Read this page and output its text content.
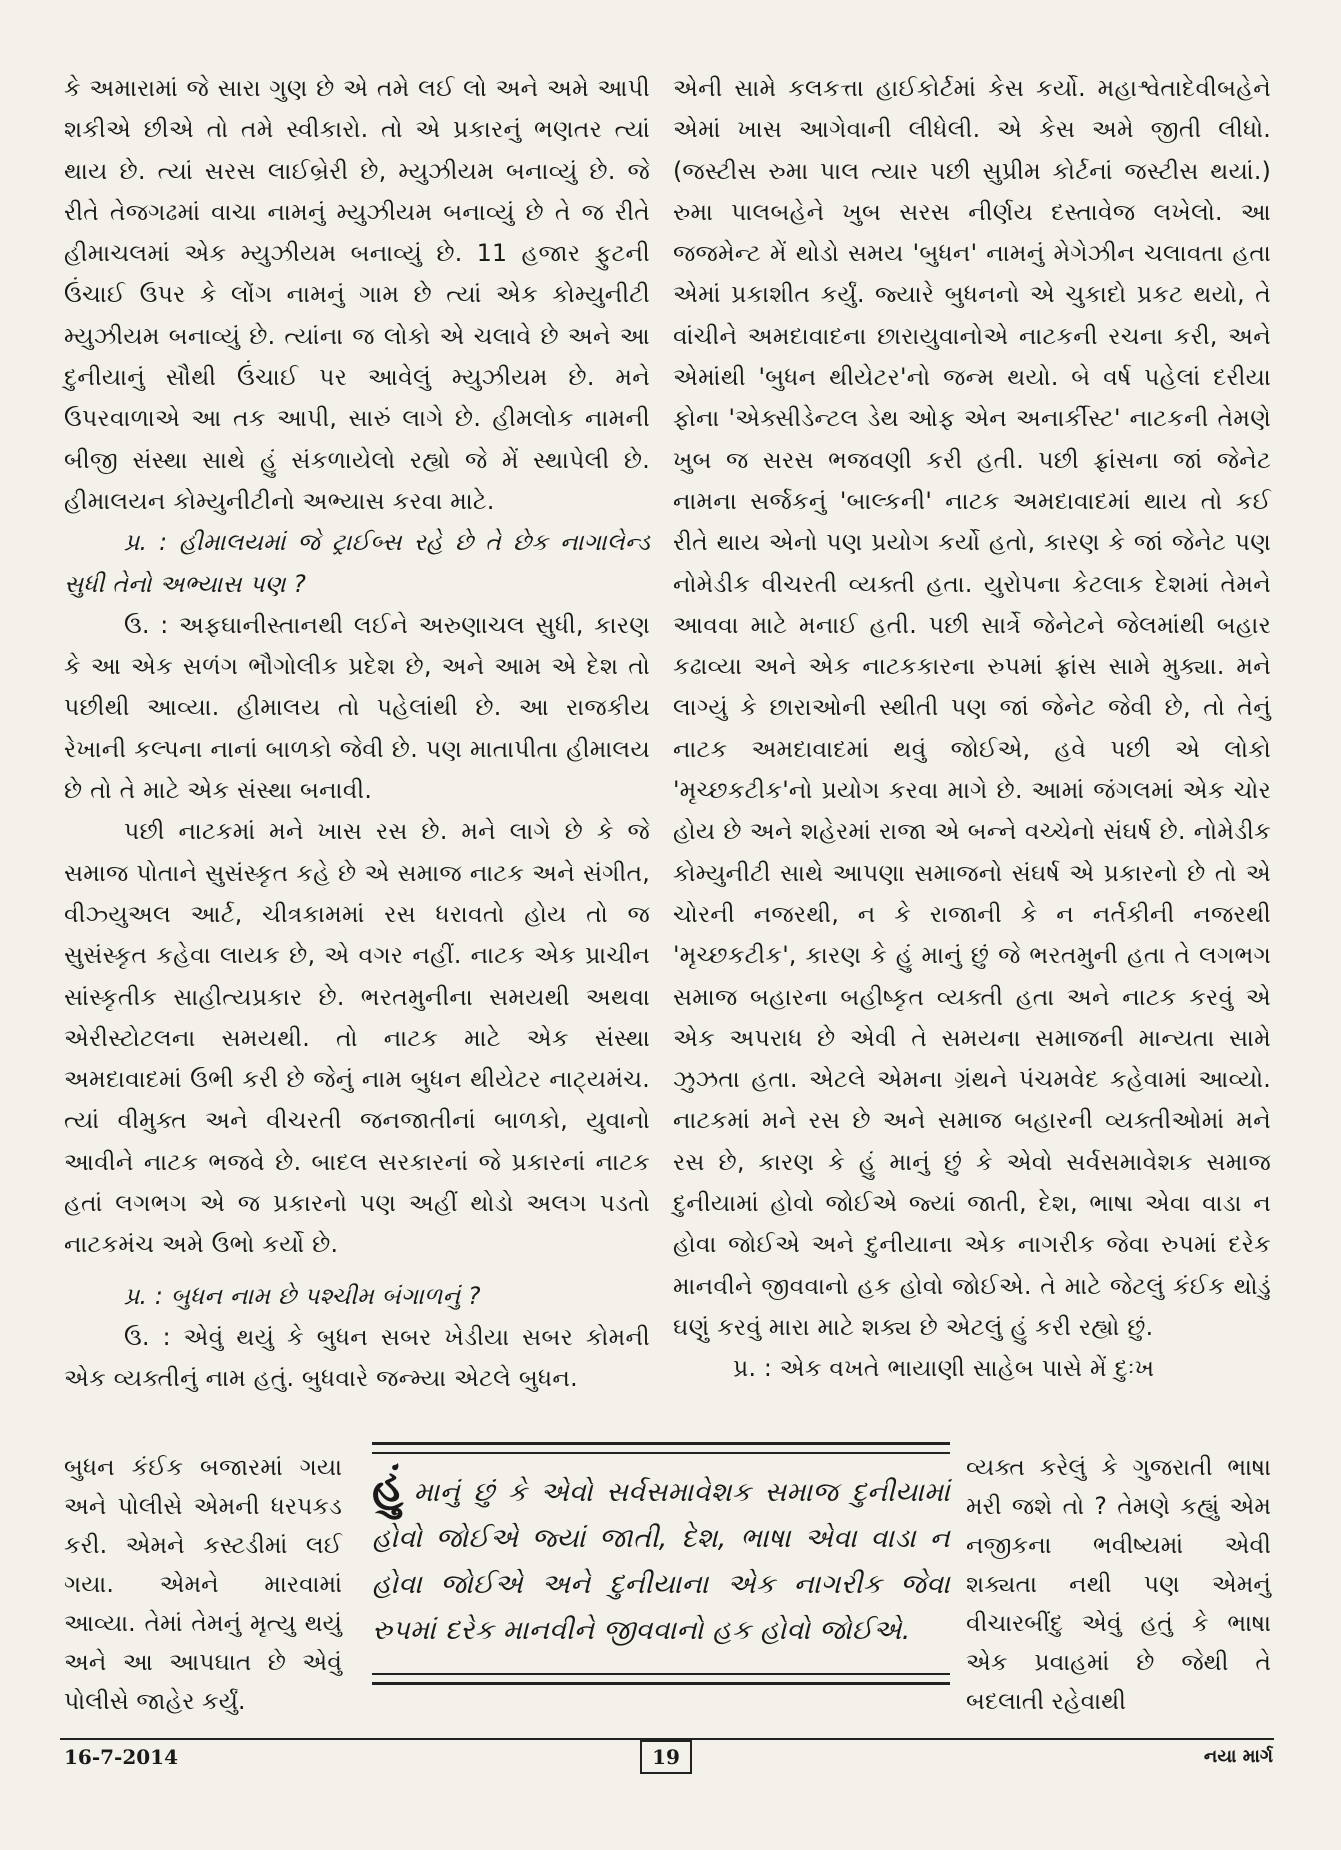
કે અમારામાં જે સારા ગુણ છે એ તમે લઈ લો અને અમે આપી શકીએ છીએ તો તમે સ્વીકારો. તો એ પ્રકારનું ભણતર ત્યાં થાય છે. ત્યાં સરસ લાઈબ્રેરી છે, મ્યુઝીયમ બનાવ્યું છે. જે રીતે તેજગઢમાં વાચા નામનું મ્યુઝીયમ બનાવ્યું છે તે જ રીતે હીમાચલમાં એક મ્યુઝીયમ બનાવ્યું છે. 11 હજાર ફુટની ઉંચાઈ ઉપર કે લોંગ નામનું ગામ છે ત્યાં એક કોમ્યુનીટી મ્યુઝીયમ બનાવ્યું છે. ત્યાંના જ લોકો એ ચલાવે છે અને આ દુનીયાનું સૌથી ઉંચાઈ પર આવેલું મ્યુઝીયમ છે. મને ઉપરવાળાએ આ તક આપી, સારું લાગે છે. હીમલોક નામની બીજી સંસ્થા સાથે હું સંકળાયેલો રહ્યો જે મેં સ્થાપેલી છે. હીમાલયન કોમ્યુનીટીનો અભ્યાસ કરવા માટે.

પ્ર. : હીમાલયમાં જે ટ્રાઈબ્સ રહે છે તે છેક નાગાલેન્ડ સુધી તેનો અભ્યાસ પણ ?

ઉ. : અફઘાનીસ્તાનથી લઈને અરુણાચલ સુધી, કારણ કે આ એક સળંગ ભૌગોલીક પ્રદેશ છે, અને આમ એ દેશ તો પછીથી આવ્યા. હીમાલય તો પહેલાંથી છે. આ રાજકીય રેખાની કલ્પના નાનાં બાળકો જેવી છે. પણ માતાપીતા હીમાલય છે તો તે માટે એક સંસ્થા બનાવી.

પછી નાટકમાં મને ખાસ રસ છે. મને લાગે છે કે જે સમાજ પોતાને સુસંસ્કૃત કહે છે એ સમાજ નાટક અને સંગીત, વીઝ્યુઅલ આર્ટ, ચીત્રકામમાં રસ ધરાવતો હોય તો જ સુસંસ્કૃત કહેવા લાયક છે, એ વગર નહીં. નાટક એક પ્રાચીન સાંસ્કૃતીક સાહીત્યપ્રકાર છે. ભરતમુનીના સમયથી અથવા એરીસ્ટોટલના સમયથી. તો નાટક માટે એક સંસ્થા અમદાવાદમાં ઉભી કરી છે જેનું નામ બુધન થીયેટર નાટ્યમંચ. ત્યાં વીમુક્ત અને વીચરતી જનજાતીનાં બાળકો, યુવાનો આવીને નાટક ભજવે છે. બાદલ સરકારનાં જે પ્રકારનાં નાટક હતાં લગભગ એ જ પ્રકારનો પણ અહીં થોડો અલગ પડતો નાટકમંચ અમે ઉભો કર્યો છે.

પ્ર. : બુધન નામ છે પશ્ચીમ બંગાળનું ?

ઉ. : એવું થયું કે બુધન સબર ખેડીયા સબર કોમની એક વ્યક્તીનું નામ હતું. બુધવારે જન્મ્યા એટલે બુધન.

બુધન કંઈક બજારમાં ગયા અને પોલીસે એમની ધરપકડ કરી. એમને કસ્ટડીમાં લઈ ગયા. એમને મારવામાં આવ્યા. તેમાં તેમનું મૃત્યુ થયું અને આ આપઘાત છે એવું પોલીસે જાહેર કર્યું.

એની સામે કલકત્તા હાઈકોર્ટમાં કેસ કર્યો. મહાશ્વેતાદેવીબહેને એમાં ખાસ આગેવાની લીધેલી. એ કેસ અમે જીતી લીધો. (જસ્ટીસ રુમા પાલ ત્યાર પછી સુપ્રીમ કોર્ટનાં જસ્ટીસ થયાં.) રુમા પાલબહેને ખુબ સરસ નીર્ણય દસ્તાવેજ લખેલો. આ જજમેન્ટ મેં થોડો સમય 'બુધન' નામનું મેગેઝીન ચલાવતા હતા એમાં પ્રકાશીત કર્યું. જ્યારે બુધનનો એ ચુકાદો પ્રકટ થયો, તે વાંચીને અમદાવાદના છારાયુવાનોએ નાટકની રચના કરી, અને એમાંથી 'બુધન થીયેટર'નો જન્મ થયો. બે વર્ષ પહેલાં દરીયા ફોના 'એક્સીડેન્ટલ ડેથ ઓફ એન અનાર્કીસ્ટ' નાટકની તેમણે ખુબ જ સરસ ભજવણી કરી હતી. પછી ફ્રાંસના જાં જેનેટ નામના સર્જકનું 'બાલ્કની' નાટક અમદાવાદમાં થાય તો કઈ રીતે થાય એનો પણ પ્રયોગ કર્યો હતો, કારણ કે જાં જેનેટ પણ નોમેડીક વીચરતી વ્યક્તી હતા. યુરોપના કેટલાક દેશમાં તેમને આવવા માટે મનાઈ હતી. પછી સાર્ત્રે જેનેટને જેલમાંથી બહાર કઢાવ્યા અને એક નાટકકારના રુપમાં ફ્રાંસ સામે મુક્યા. મને લાગ્યું કે છારાઓની સ્થીતી પણ જાં જેનેટ જેવી છે, તો તેનું નાટક અમદાવાદમાં થવું જોઈએ, હવે પછી એ લોકો 'મૃચ્છકટીક'નો પ્રયોગ કરવા માગે છે. આમાં જંગલમાં એક ચોર હોય છે અને શહેરમાં રાજા એ બન્ને વચ્ચેનો સંઘર્ષ છે. નોમેડીક કોમ્યુનીટી સાથે આપણા સમાજનો સંઘર્ષ એ પ્રકારનો છે તો એ ચોરની નજરથી, ન કે રાજાની કે ન નર્તકીની નજરથી 'મૃચ્છકટીક', કારણ કે હું માનું છું જે ભરતમુની હતા તે લગભગ સમાજ બહારના બહીષ્કૃત વ્યક્તી હતા અને નાટક કરવું એ એક અપરાધ છે એવી તે સમયના સમાજની માન્યતા સામે ઝુઝતા હતા. એટલે એમના ગ્રંથને પંચમવેદ કહેવામાં આવ્યો. નાટકમાં મને રસ છે અને સમાજ બહારની વ્યક્તીઓમાં મને રસ છે, કારણ કે હું માનું છું કે એવો સર્વસમાવેશક સમાજ દુનીયામાં હોવો જોઈએ જ્યાં જાતી, દેશ, ભાષા એવા વાડા ન હોવા જોઈએ અને દુનીયાના એક નાગરીક જેવા રુપમાં દરેક માનવીને જીવવાનો હક હોવો જોઈએ. તે માટે જેટલું કંઈક થોડું ઘણું કરવું મારા માટે શક્ય છે એટલું હું કરી રહ્યો છું.

પ્ર. : એક વખતે ભાયાણી સાહેબ પાસે મેં દુઃખ

વ્યક્ત કરેલું કે ગુજરાતી ભાષા મરી જશે તો ? તેમણે કહ્યું એમ નજીકના ભવીષ્યમાં એવી શક્યતા નથી પણ એમનું વીચારબીંદુ એવું હતું કે ભાષા એક પ્રવાહમાં છે જેથી તે બદલાતી રહેવાથી

હુંમાનું છું કે એવો સર્વસમાવેશક સમાજ દુનીયામાં હોવો જોઈએ જ્યાં જાતી, દેશ, ભાષા એવા વાડા ન હોવા જોઈએ અને દુનીયાના એક નાગરીક જેવા રુપમાં દરેક માનવીને જીવવાનો હક હોવો જોઈએ.

16-7-2014	19	નયા માર્ગ
